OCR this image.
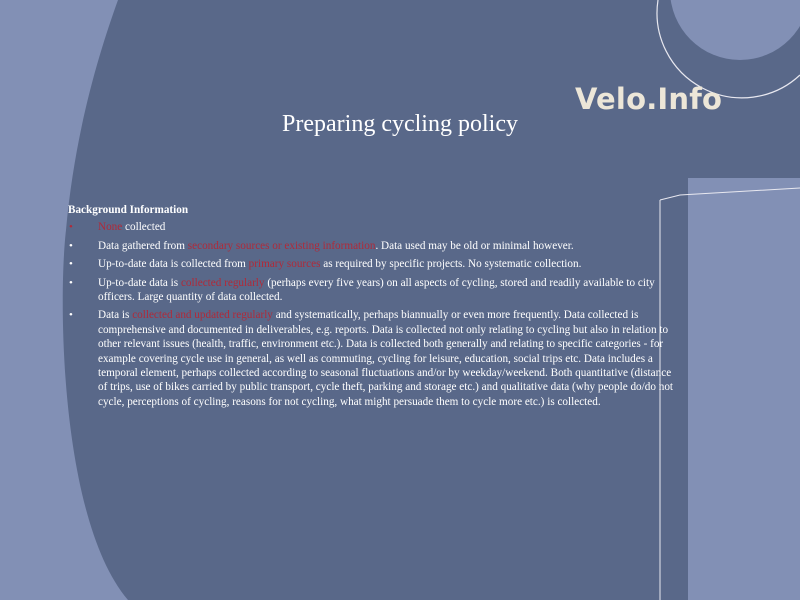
Velo.Info
Preparing cycling policy
Background Information
• None collected
• Data gathered from secondary sources or existing information. Data used may be old or minimal however.
• Up-to-date data is collected from primary sources as required by specific projects. No systematic collection.
• Up-to-date data is collected regularly (perhaps every five years) on all aspects of cycling, stored and readily available to city officers. Large quantity of data collected.
• Data is collected and updated regularly and systematically, perhaps biannually or even more frequently. Data collected is comprehensive and documented in deliverables, e.g. reports. Data is collected not only relating to cycling but also in relation to other relevant issues (health, traffic, environment etc.). Data is collected both generally and relating to specific categories - for example covering cycle use in general, as well as commuting, cycling for leisure, education, social trips etc. Data includes a temporal element, perhaps collected according to seasonal fluctuations and/or by weekday/weekend. Both quantitative (distance of trips, use of bikes carried by public transport, cycle theft, parking and storage etc.) and qualitative data (why people do/do not cycle, perceptions of cycling, reasons for not cycling, what might persuade them to cycle more etc.) is collected.
